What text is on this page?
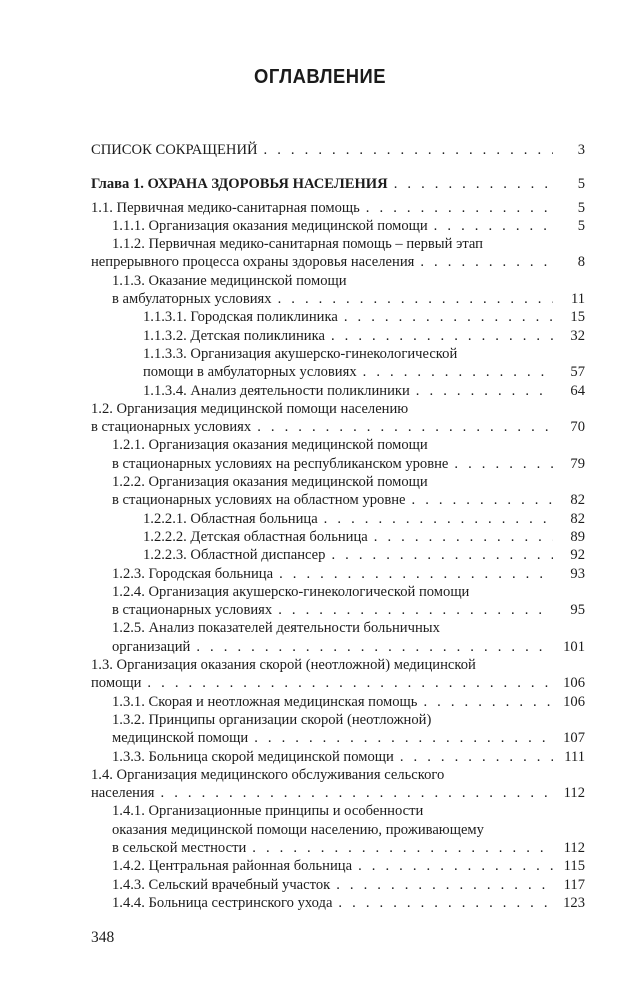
ОГЛАВЛЕНИЕ
СПИСОК СОКРАЩЕНИЙ . . .	3
Глава 1. ОХРАНА ЗДОРОВЬЯ НАСЕЛЕНИЯ . . .	5
1.1. Первичная медико-санитарная помощь . . .	5
1.1.1. Организация оказания медицинской помощи . . .	5
1.1.2. Первичная медико-санитарная помощь – первый этап
непрерывного процесса охраны здоровья населения . . .	8
1.1.3. Оказание медицинской помощи
в амбулаторных условиях . . .	11
1.1.3.1. Городская поликлиника . . .	15
1.1.3.2. Детская поликлиника . . .	32
1.1.3.3. Организация акушерско-гинекологической
помощи в амбулаторных условиях . . .	57
1.1.3.4. Анализ деятельности поликлиники . . .	64
1.2. Организация медицинской помощи населению
в стационарных условиях . . .	70
1.2.1. Организация оказания медицинской помощи
в стационарных условиях на республиканском уровне . . .	79
1.2.2. Организация оказания медицинской помощи
в стационарных условиях на областном уровне . . .	82
1.2.2.1. Областная больница . . .	82
1.2.2.2. Детская областная больница . . .	89
1.2.2.3. Областной диспансер . . .	92
1.2.3. Городская больница . . .	93
1.2.4. Организация акушерско-гинекологической помощи
в стационарных условиях . . .	95
1.2.5. Анализ показателей деятельности больничных
организаций . . .	101
1.3. Организация оказания скорой (неотложной) медицинской
помощи . . .	106
1.3.1. Скорая и неотложная медицинская помощь . . .	106
1.3.2. Принципы организации скорой (неотложной)
медицинской помощи . . .	107
1.3.3. Больница скорой медицинской помощи . . .	111
1.4. Организация медицинского обслуживания сельского
населения . . .	112
1.4.1. Организационные принципы и особенности
оказания медицинской помощи населению, проживающему
в сельской местности . . .	112
1.4.2. Центральная районная больница . . .	115
1.4.3. Сельский врачебный участок . . .	117
1.4.4. Больница сестринского ухода . . .	123
348
